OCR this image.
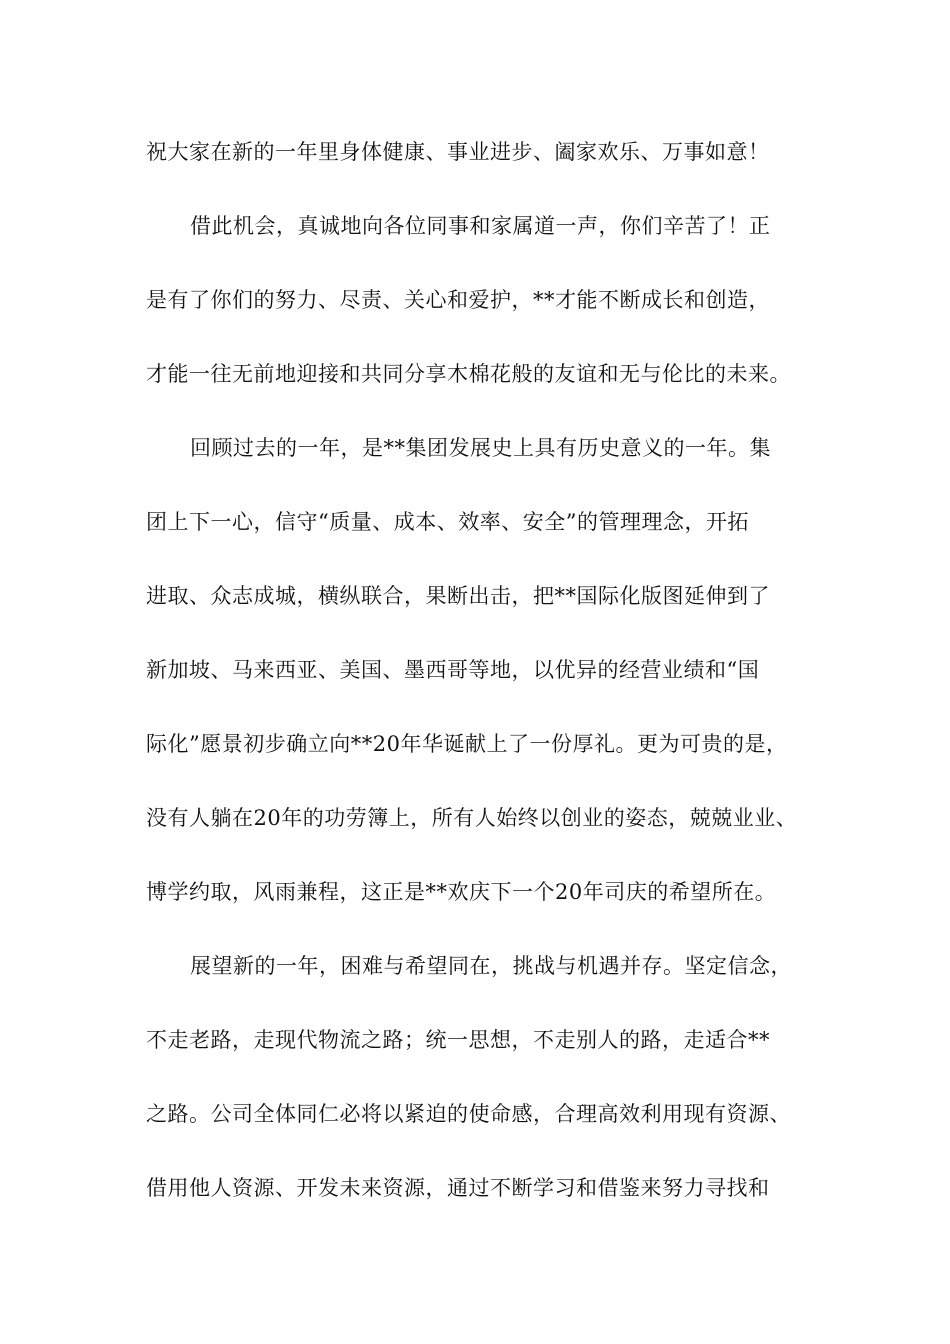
祝大家在新的一年里身体健康、事业进步、阖家欢乐、万事如意！
借此机会，真诚地向各位同事和家属道一声，你们辛苦了！正
是有了你们的努力、尽责、关心和爱护，**才能不断成长和创造，
才能一往无前地迎接和共同分享木棉花般的友谊和无与伦比的未来。
回顾过去的一年，是**集团发展史上具有历史意义的一年。集
团上下一心，信守“质量、成本、效率、安全”的管理理念，开拓
进取、众志成城，横纵联合，果断出击，把**国际化版图延伸到了
新加坡、马来西亚、美国、墨西哥等地，以优异的经营业绩和“国
际化”愿景初步确立向**20年华诞献上了一份厚礼。更为可贵的是，
没有人躺在20年的功劳簿上，所有人始终以创业的姿态，兢兢业业、
博学约取，风雨兼程，这正是**欢庆下一个20年司庆的希望所在。
展望新的一年，困难与希望同在，挑战与机遇并存。坚定信念，
不走老路，走现代物流之路；统一思想，不走别人的路，走适合**
之路。公司全体同仁必将以紧迫的使命感，合理高效利用现有资源、
借用他人资源、开发未来资源，通过不断学习和借鉴来努力寻找和
